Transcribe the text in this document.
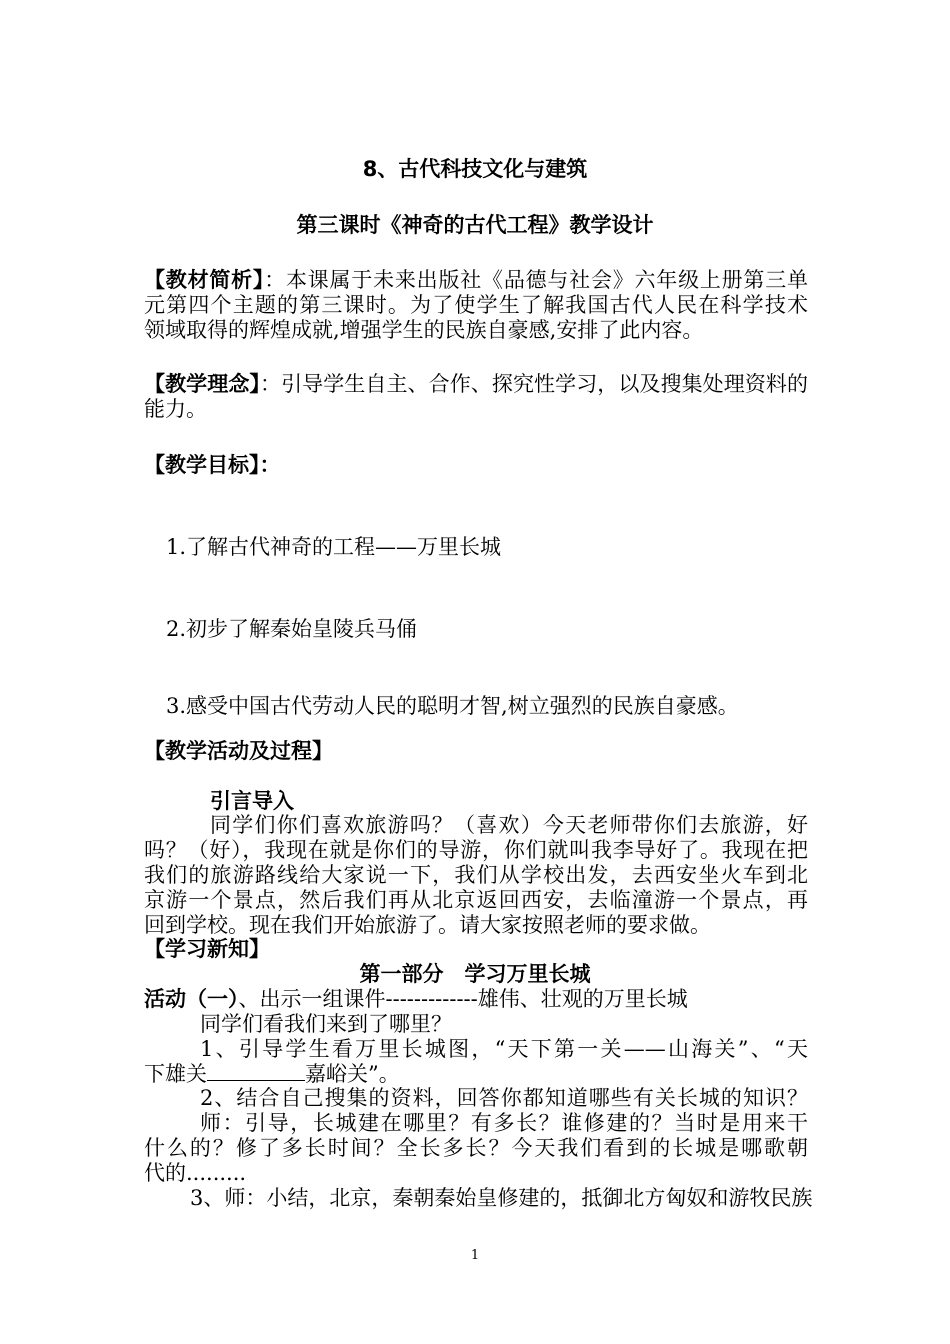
8、古代科技文化与建筑
第三课时《神奇的古代工程》教学设计
【教材简析】：本课属于未来出版社《品德与社会》六年级上册第三单
元第四个主题的第三课时。为了使学生了解我国古代人民在科学技术
领域取得的辉煌成就,增强学生的民族自豪感,安排了此内容。
【教学理念】：引导学生自主、合作、探究性学习，以及搜集处理资料的
能力。
【教学目标】：
1.了解古代神奇的工程——万里长城
2.初步了解秦始皇陵兵马俑
3.感受中国古代劳动人民的聪明才智,树立强烈的民族自豪感。
【教学活动及过程】
引言导入
同学们你们喜欢旅游吗？（喜欢）今天老师带你们去旅游，好
吗？（好），我现在就是你们的导游，你们就叫我李导好了。我现在把
我们的旅游路线给大家说一下，我们从学校出发，去西安坐火车到北
京游一个景点，然后我们再从北京返回西安，去临潼游一个景点，再
回到学校。现在我们开始旅游了。请大家按照老师的要求做。
【学习新知】
第一部分　学习万里长城
活动（一）、出示一组课件-------------雄伟、壮观的万里长城
同学们看我们来到了哪里？
1、引导学生看万里长城图，“天下第一关——山海关”、“天
下雄关	嘉峪关”。
2、结合自己搜集的资料，回答你都知道哪些有关长城的知识？
师：引导，长城建在哪里？有多长？谁修建的？当时是用来干
什么的？修了多长时间？全长多长？今天我们看到的长城是哪歌朝
代的.........
3、师：小结，北京，秦朝秦始皇修建的，抵御北方匈奴和游牧民族
1
